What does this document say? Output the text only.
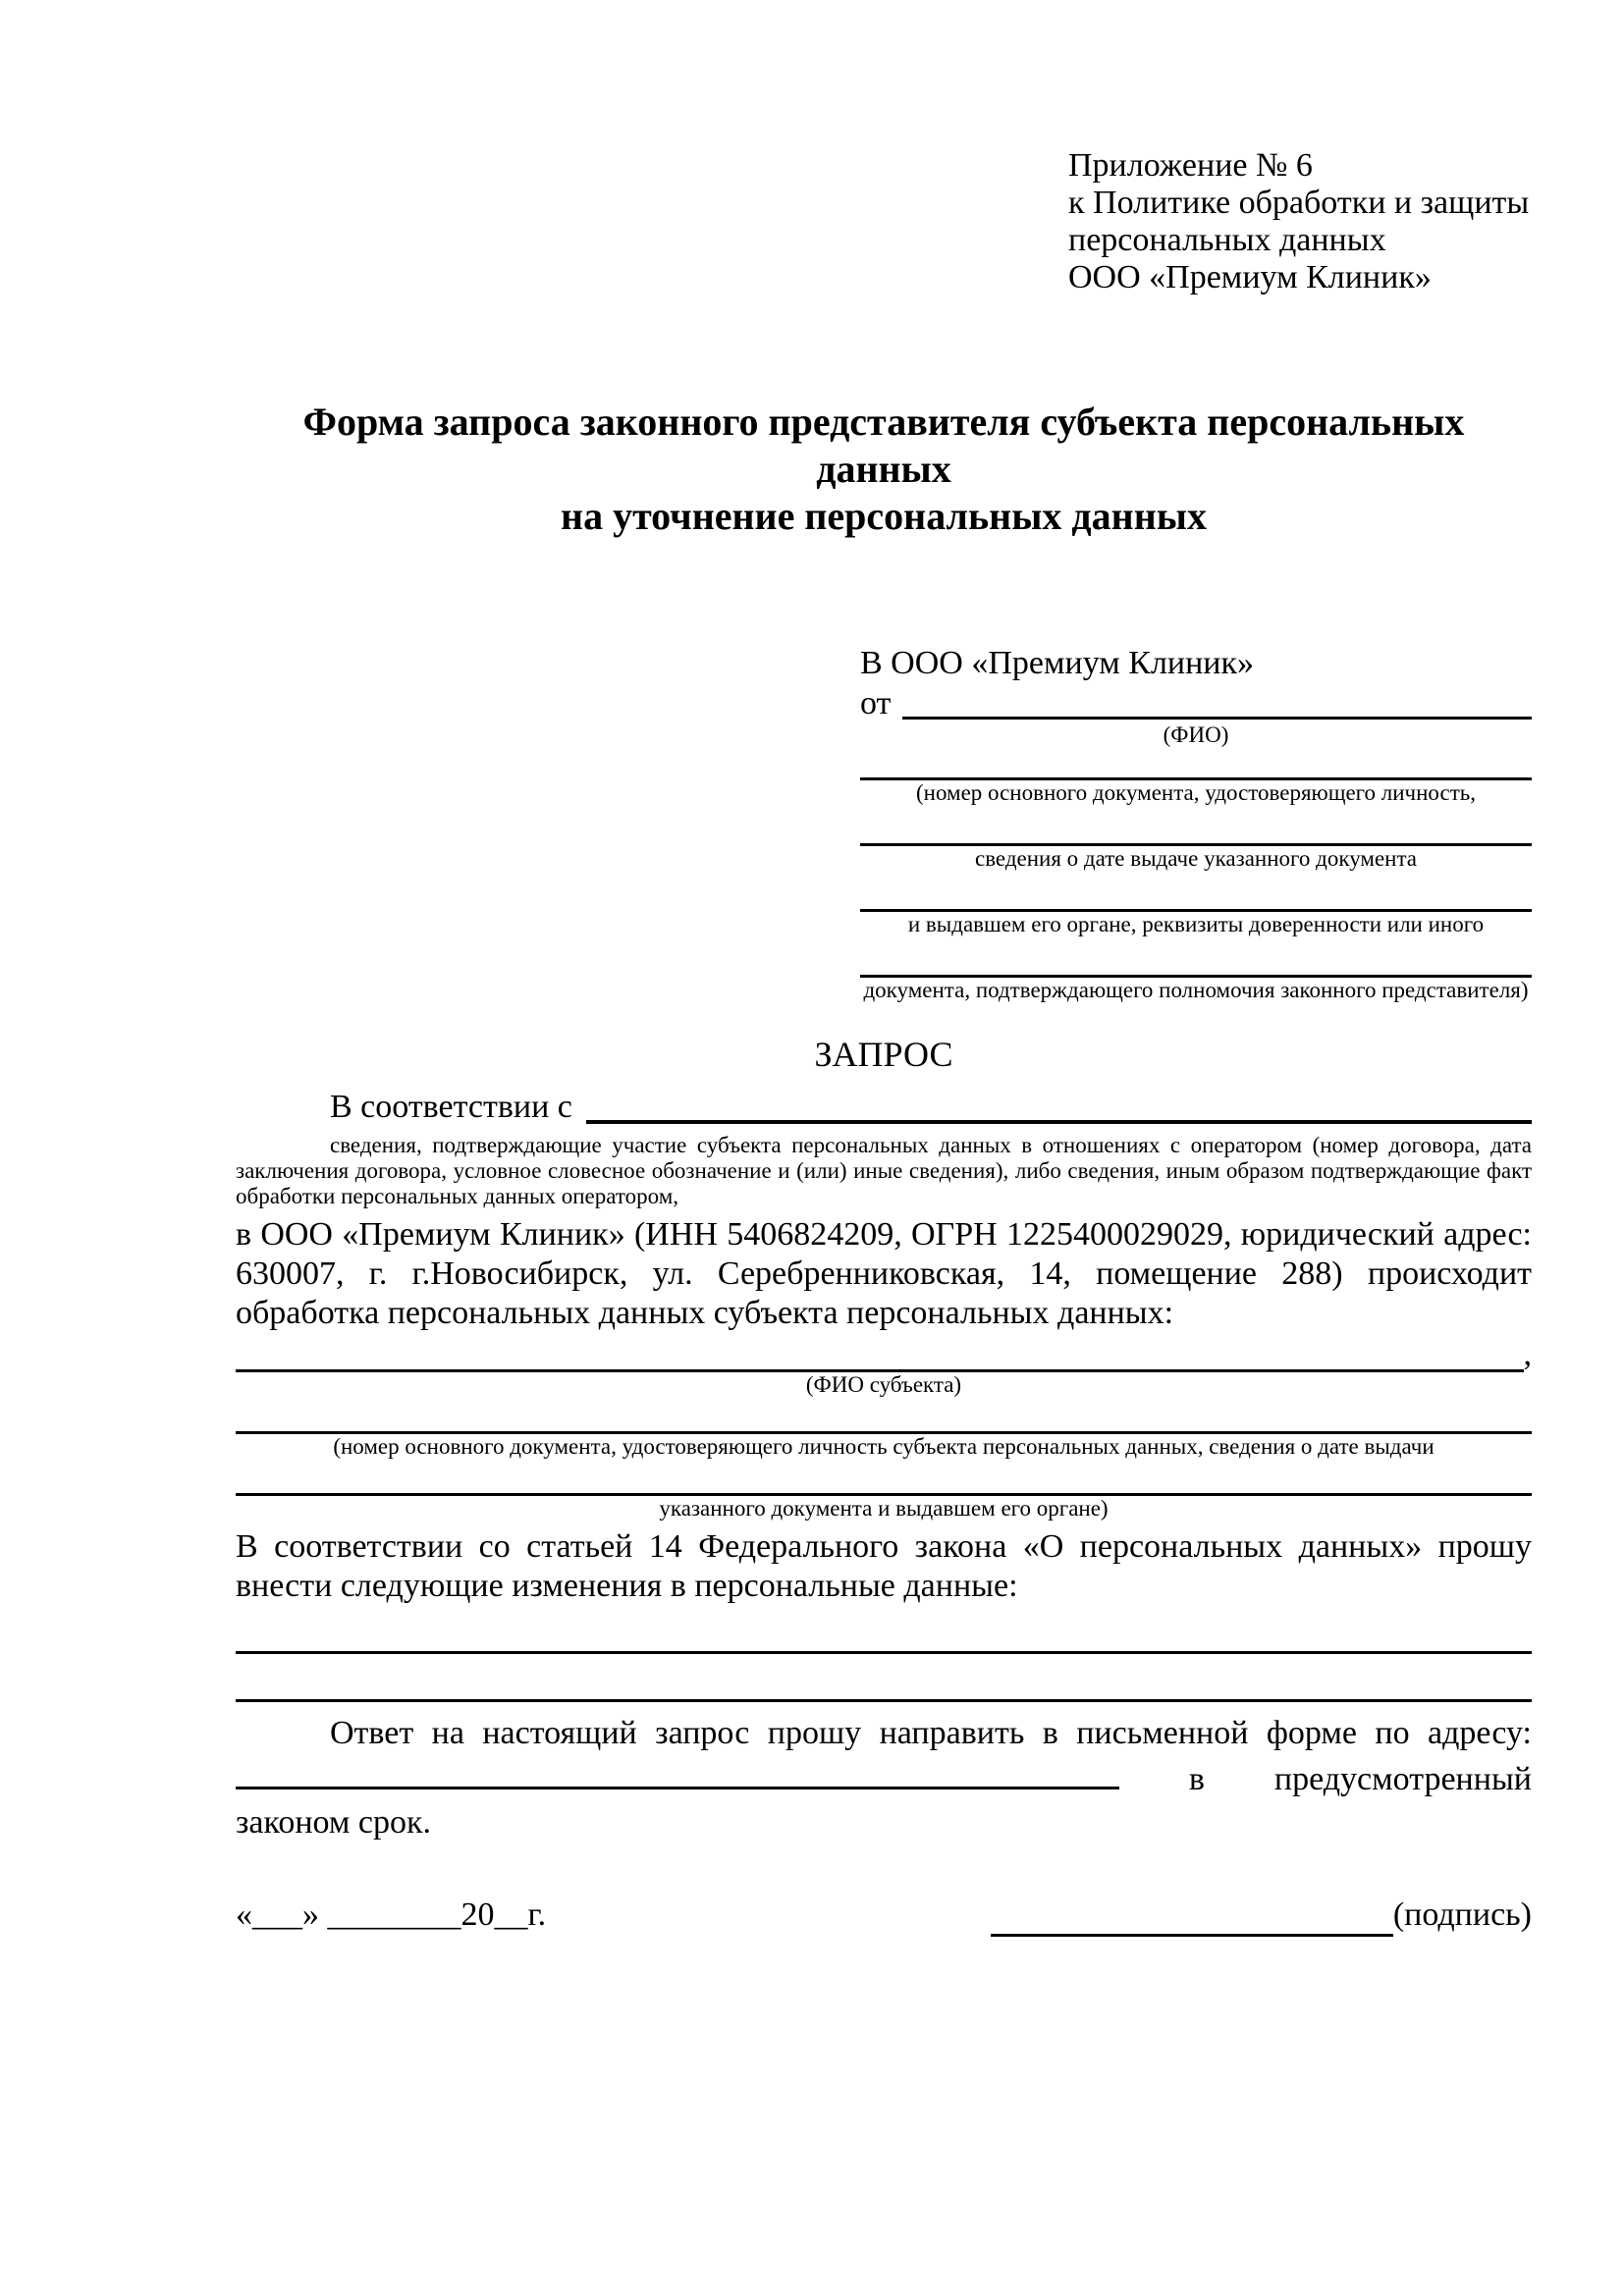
Приложение № 6
к Политике обработки и защиты
персональных данных
ООО «Премиум Клиник»
Форма запроса законного представителя субъекта персональных данных
на уточнение персональных данных
В ООО «Премиум Клиник»
от
(ФИО)
(номер основного документа, удостоверяющего личность,
сведения о дате выдаче указанного документа
и выдавшем его органе, реквизиты доверенности или иного
документа, подтверждающего полномочия законного представителя)
ЗАПРОС
В соответствии с
сведения, подтверждающие участие субъекта персональных данных в отношениях с оператором (номер договора, дата заключения договора, условное словесное обозначение и (или) иные сведения), либо сведения, иным образом подтверждающие факт обработки персональных данных оператором,

в ООО «Премиум Клиник» (ИНН 5406824209, ОГРН 1225400029029, юридический адрес: 630007, г. г.Новосибирск, ул. Серебренниковская, 14, помещение 288) происходит обработка персональных данных субъекта персональных данных:

,
(ФИО субъекта)
(номер основного документа, удостоверяющего личность субъекта персональных данных, сведения о дате выдачи
указанного документа и выдавшем его органе)

В соответствии со статьей 14 Федерального закона «О персональных данных» прошу внести следующие изменения в персональные данные:

Ответ на настоящий запрос прошу направить в письменной форме по адресу:  в предусмотренный законом срок.

«___» ________20__г.	(подпись)
